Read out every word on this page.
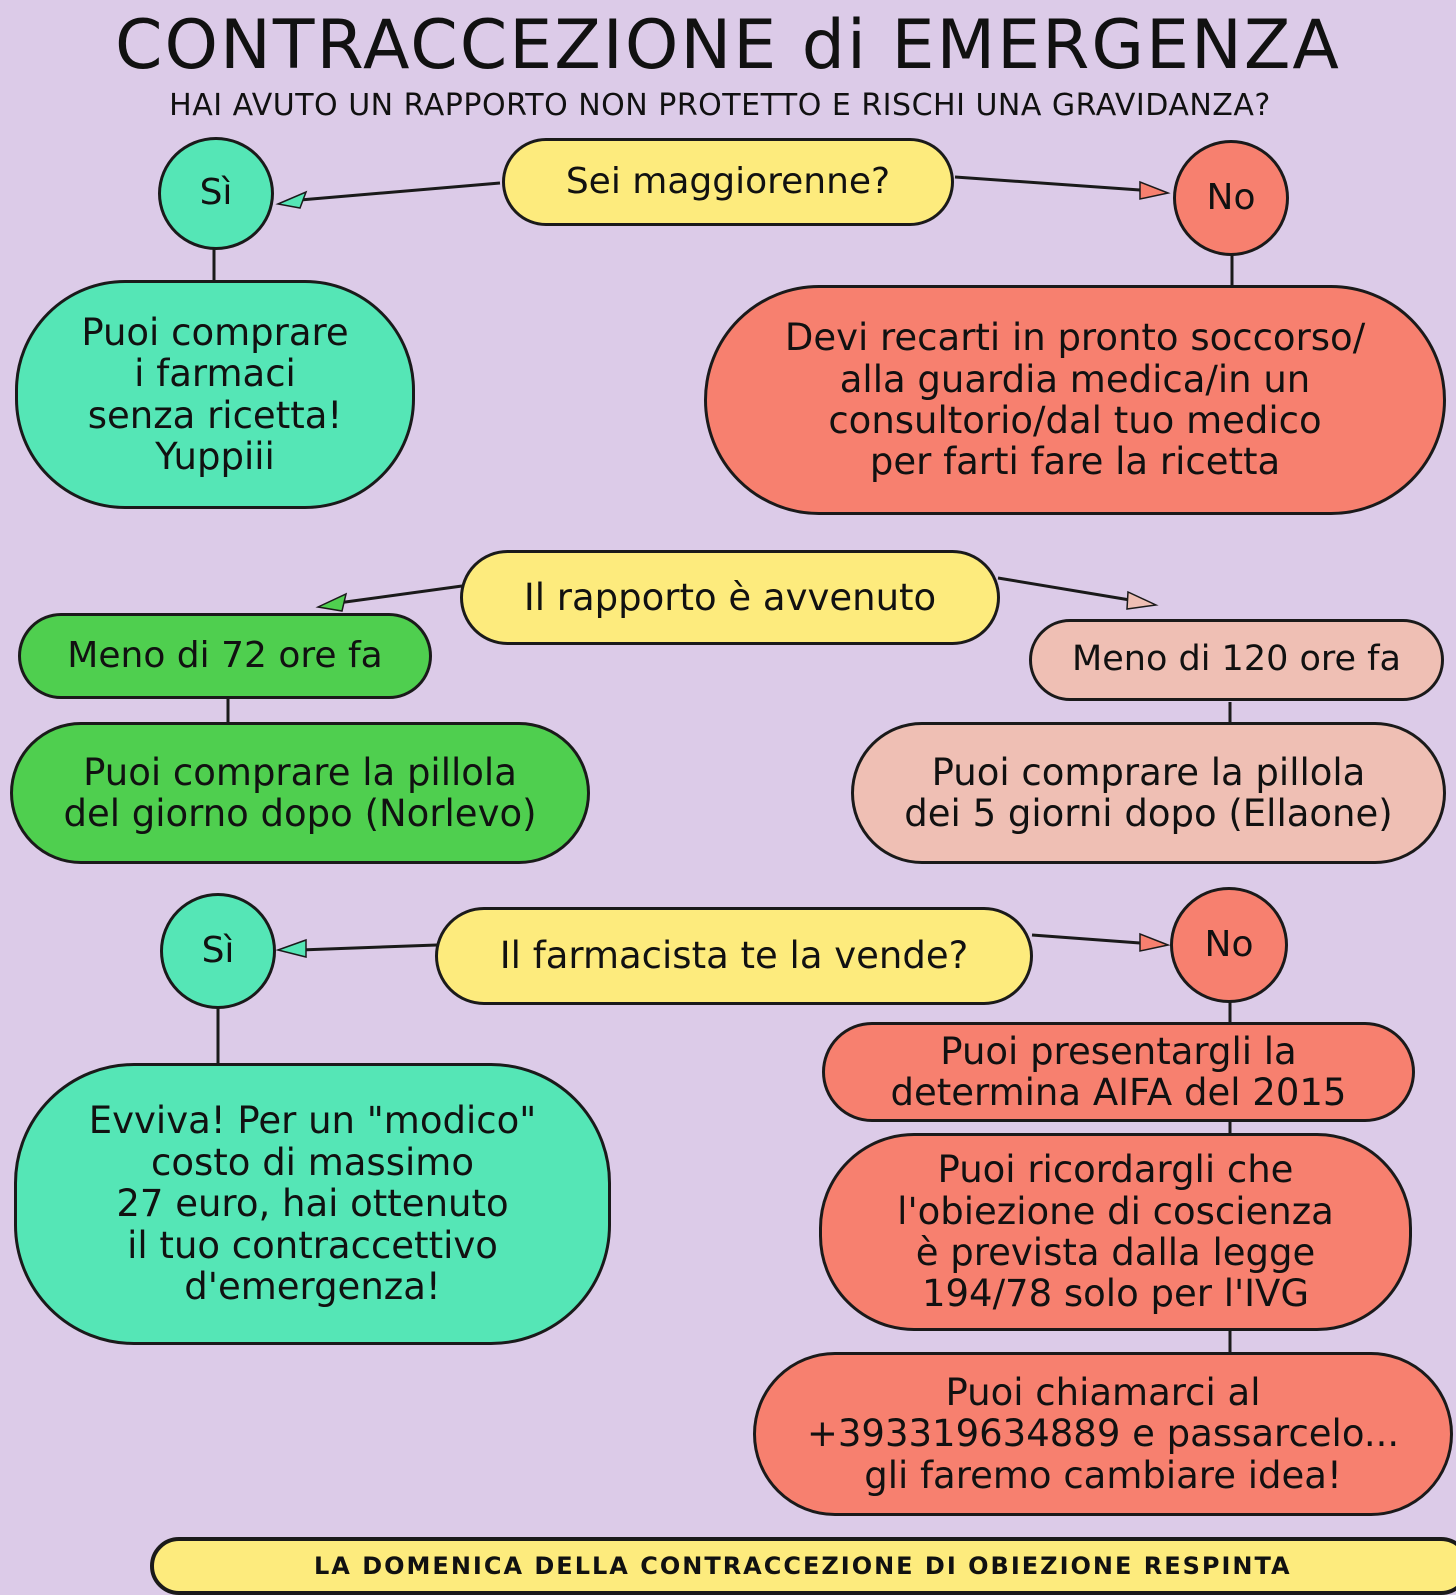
CONTRACCEZIONE di EMERGENZA
HAI AVUTO UN RAPPORTO NON PROTETTO E RISCHI UNA GRAVIDANZA?
Sei maggiorenne?
Sì	No
Puoi comprare
i farmaci
senza ricetta!
Yuppiii
Devi recarti in pronto soccorso/
alla guardia medica/in un
consultorio/dal tuo medico
per farti fare la ricetta
Il rapporto è avvenuto
Meno di 72 ore fa	Meno di 120 ore fa
Puoi comprare la pillola
del giorno dopo (Norlevo)
Puoi comprare la pillola
dei 5 giorni dopo (Ellaone)
Il farmacista te la vende?
Sì	No
Evviva! Per un "modico"
costo di massimo
27 euro, hai ottenuto
il tuo contraccettivo
d'emergenza!
Puoi presentargli la
determina AIFA del 2015
Puoi ricordargli che
l'obiezione di coscienza
è prevista dalla legge
194/78 solo per l'IVG
Puoi chiamarci al
+393319634889 e passarcelo...
gli faremo cambiare idea!
LA DOMENICA DELLA CONTRACCEZIONE DI OBIEZIONE RESPINTA
